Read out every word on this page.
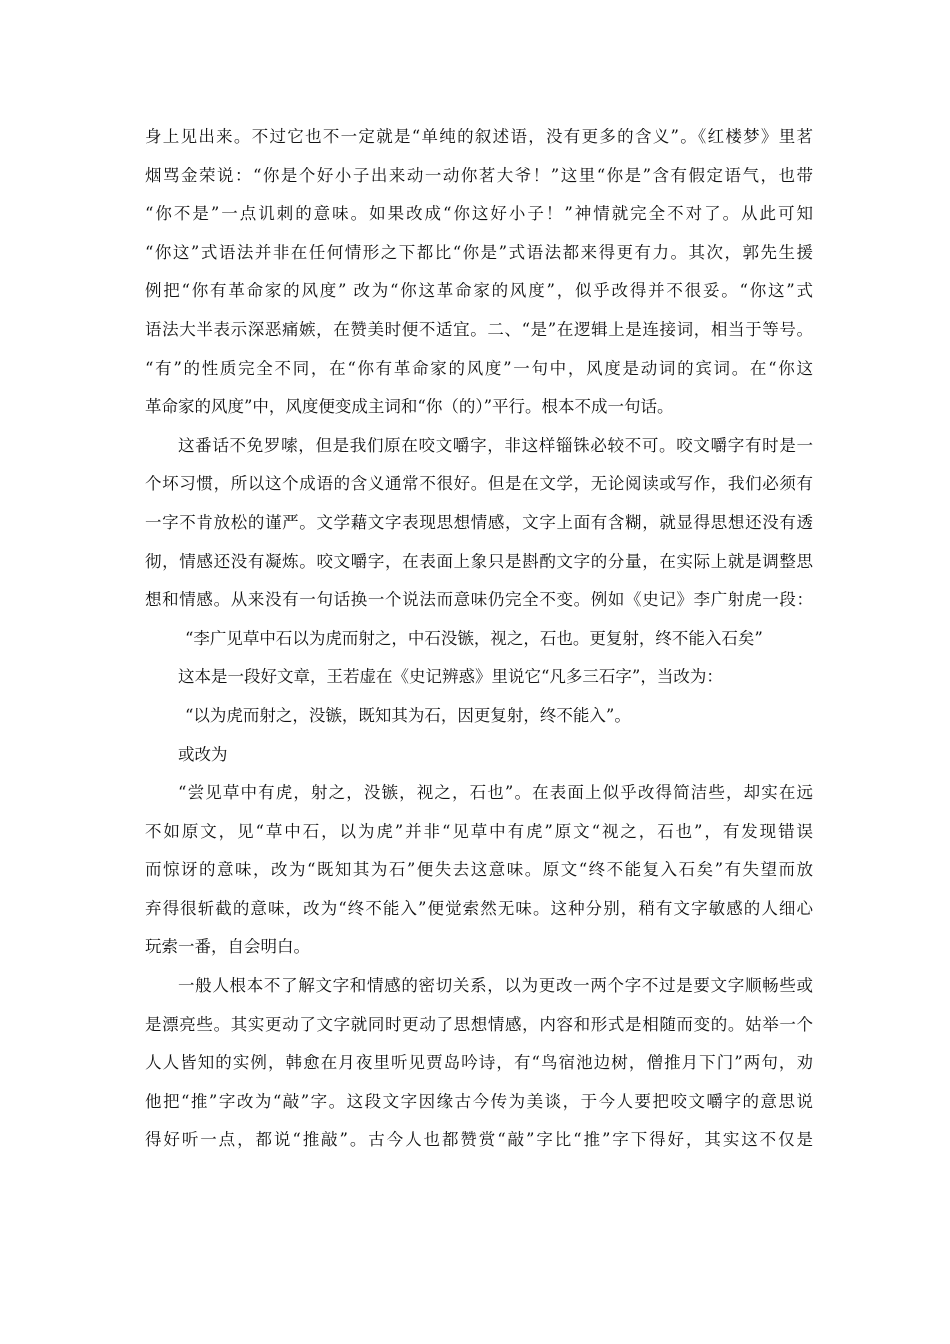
身上见出来。不过它也不一定就是“单纯的叙述语，没有更多的含义”。《红楼梦》里茗
烟骂金荣说：“你是个好小子出来动一动你茗大爷！”这里“你是”含有假定语气，也带
“你不是”一点讥刺的意味。如果改成“你这好小子！”神情就完全不对了。从此可知
“你这”式语法并非在任何情形之下都比“你是”式语法都来得更有力。其次，郭先生援
例把“你有革命家的风度” 改为“你这革命家的风度”，似乎改得并不很妥。“你这”式
语法大半表示深恶痛嫉，在赞美时便不适宜。二、“是”在逻辑上是连接词，相当于等号。
“有”的性质完全不同，在“你有革命家的风度”一句中，风度是动词的宾词。在“你这
革命家的风度”中，风度便变成主词和“你（的）”平行。根本不成一句话。
这番话不免罗嗦，但是我们原在咬文嚼字，非这样锱铢必较不可。咬文嚼字有时是一
个坏习惯，所以这个成语的含义通常不很好。但是在文学，无论阅读或写作，我们必须有
一字不肯放松的谨严。文学藉文字表现思想情感，文字上面有含糊，就显得思想还没有透
彻，情感还没有凝炼。咬文嚼字，在表面上象只是斟酌文字的分量，在实际上就是调整思
想和情感。从来没有一句话换一个说法而意味仍完全不变。例如《史记》李广射虎一段：
“李广见草中石以为虎而射之，中石没镞，视之，石也。更复射，终不能入石矣”
这本是一段好文章，王若虚在《史记辨惑》里说它“凡多三石字”，当改为：
“以为虎而射之，没镞，既知其为石，因更复射，终不能入”。
或改为
“尝见草中有虎，射之，没镞，视之，石也”。在表面上似乎改得简洁些，却实在远
不如原文，见“草中石，以为虎”并非“见草中有虎”原文“视之，石也”，有发现错误
而惊讶的意味，改为“既知其为石”便失去这意味。原文“终不能复入石矣”有失望而放
弃得很斩截的意味，改为“终不能入”便觉索然无味。这种分别，稍有文字敏感的人细心
玩索一番，自会明白。
一般人根本不了解文字和情感的密切关系，以为更改一两个字不过是要文字顺畅些或
是漂亮些。其实更动了文字就同时更动了思想情感，内容和形式是相随而变的。姑举一个
人人皆知的实例，韩愈在月夜里听见贾岛吟诗，有“鸟宿池边树，僧推月下门”两句，劝
他把“推”字改为“敲”字。这段文字因缘古今传为美谈，于今人要把咬文嚼字的意思说
得好听一点，都说“推敲”。古今人也都赞赏“敲”字比“推”字下得好，其实这不仅是
